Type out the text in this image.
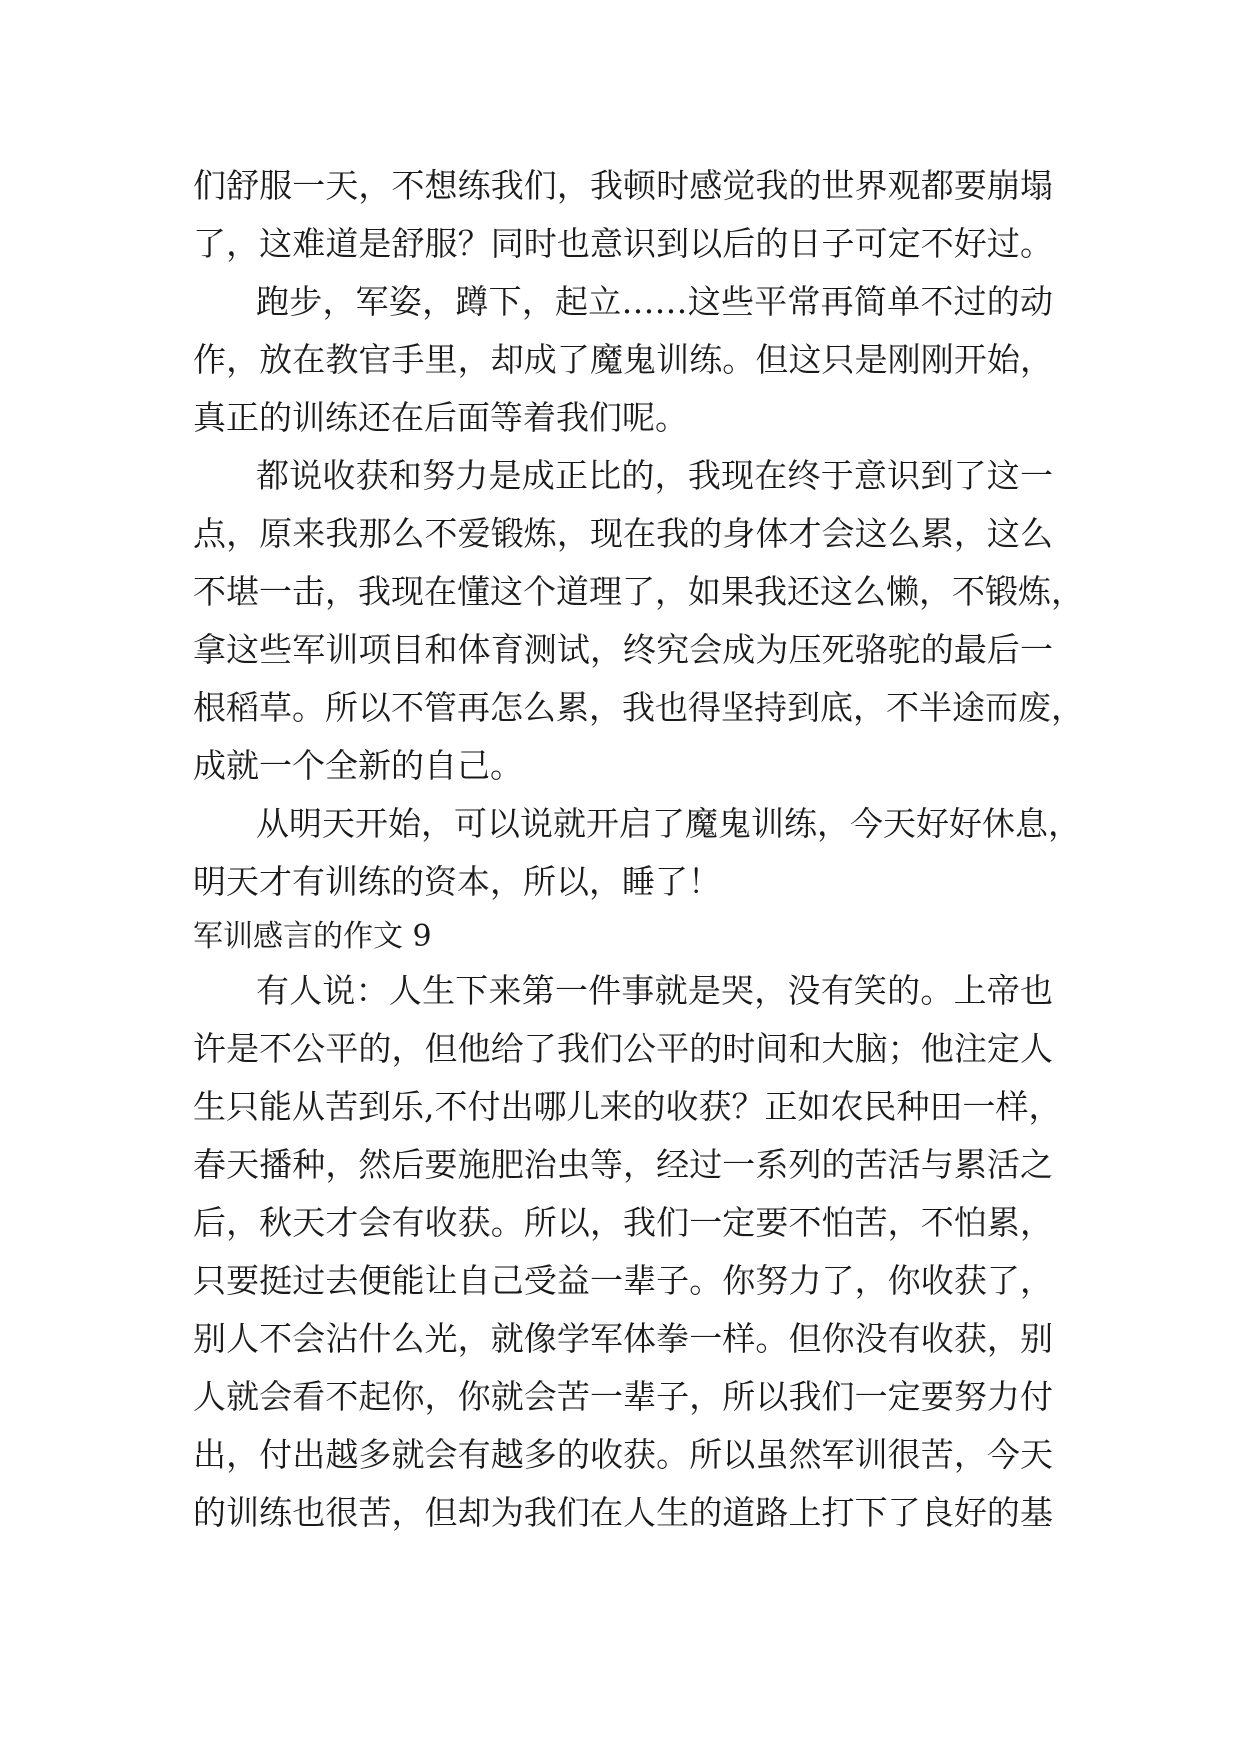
们舒服一天，不想练我们，我顿时感觉我的世界观都要崩塌
了，这难道是舒服？同时也意识到以后的日子可定不好过。
跑步，军姿，蹲下，起立……这些平常再简单不过的动
作，放在教官手里，却成了魔鬼训练。但这只是刚刚开始，
真正的训练还在后面等着我们呢。
都说收获和努力是成正比的，我现在终于意识到了这一
点，原来我那么不爱锻炼，现在我的身体才会这么累，这么
不堪一击，我现在懂这个道理了，如果我还这么懒，不锻炼，
拿这些军训项目和体育测试，终究会成为压死骆驼的最后一
根稻草。所以不管再怎么累，我也得坚持到底，不半途而废，
成就一个全新的自己。
从明天开始，可以说就开启了魔鬼训练，今天好好休息，
明天才有训练的资本，所以，睡了！
军训感言的作文 9
有人说：人生下来第一件事就是哭，没有笑的。上帝也
许是不公平的，但他给了我们公平的时间和大脑；他注定人
生只能从苦到乐,不付出哪儿来的收获？正如农民种田一样，
春天播种，然后要施肥治虫等，经过一系列的苦活与累活之
后，秋天才会有收获。所以，我们一定要不怕苦，不怕累，
只要挺过去便能让自己受益一辈子。你努力了，你收获了，
别人不会沾什么光，就像学军体拳一样。但你没有收获，别
人就会看不起你，你就会苦一辈子，所以我们一定要努力付
出，付出越多就会有越多的收获。所以虽然军训很苦，今天
的训练也很苦，但却为我们在人生的道路上打下了良好的基
